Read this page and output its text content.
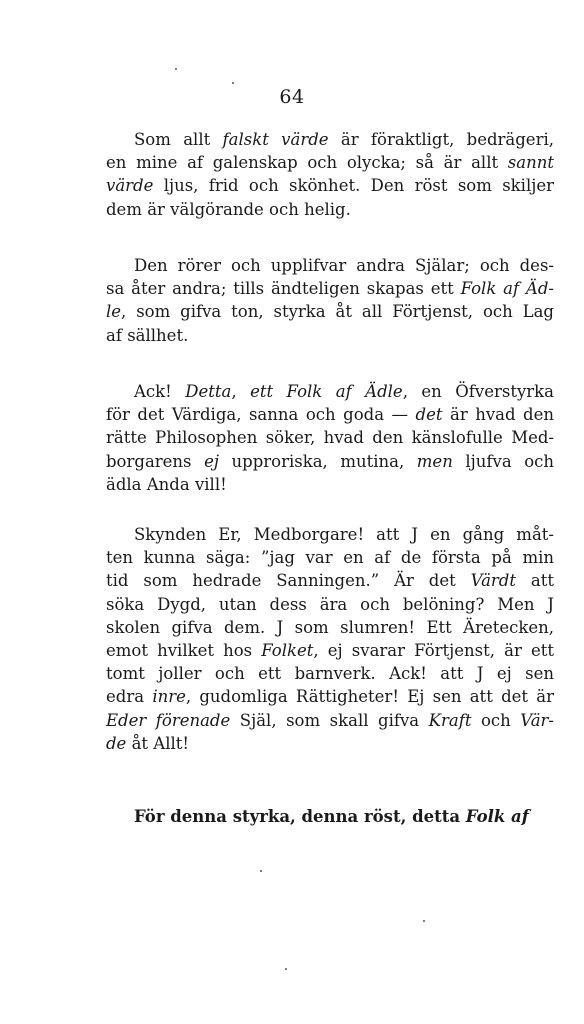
64
Som allt falskt värde är föraktligt, bedrägeri,
en mine af galenskap och olycka; så är allt sannt
värde ljus, frid och skönhet. Den röst som skiljer
dem är välgörande och helig.
Den rörer och upplifvar andra Själar; och des-
sa åter andra; tills ändteligen skapas ett Folk af Äd-
le, som gifva ton, styrka åt all Förtjenst, och Lag
af sällhet.
Ack! Detta, ett Folk af Ädle, en Öfverstyrka
för det Värdiga, sanna och goda — det är hvad den
rätte Philosophen söker, hvad den känslofulle Med-
borgarens ej upproriska, mutina, men ljufva och
ädla Anda vill!
Skynden Er, Medborgare! att J en gång måt-
ten kunna säga: ”jag var en af de första på min
tid som hedrade Sanningen.” Är det Värdt att
söka Dygd, utan dess ära och belöning? Men J
skolen gifva dem. J som slumren! Ett Äretecken,
emot hvilket hos Folket, ej svarar Förtjenst, är ett
tomt joller och ett barnverk. Ack! att J ej sen
edra inre, gudomliga Rättigheter! Ej sen att det är
Eder förenade Själ, som skall gifva Kraft och Vär-
de åt Allt!
För denna styrka, denna röst, detta Folk af
